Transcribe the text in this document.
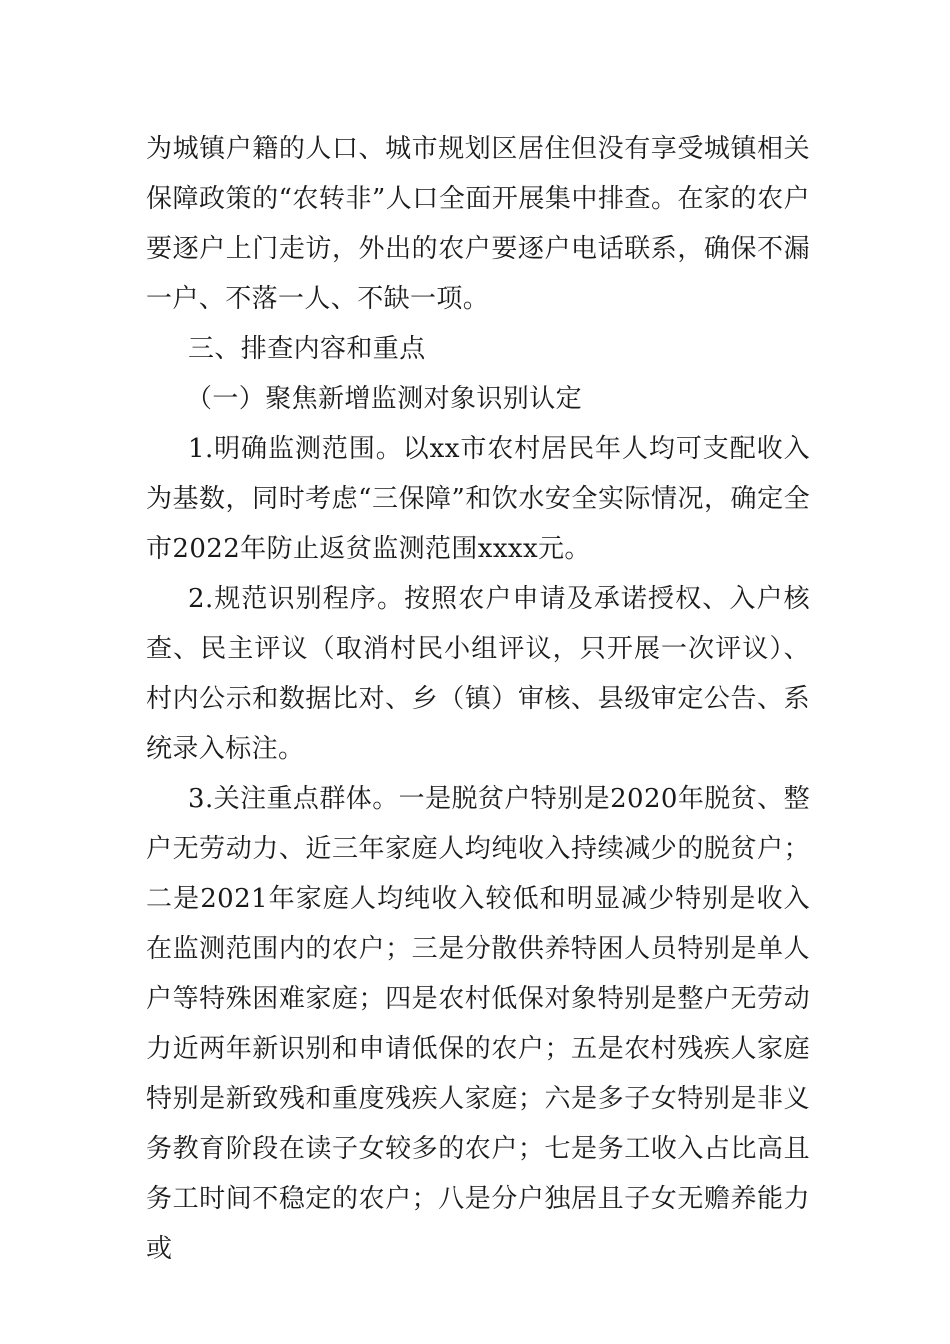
为城镇户籍的人口、城市规划区居住但没有享受城镇相关保障政策的“农转非”人口全面开展集中排查。在家的农户要逐户上门走访，外出的农户要逐户电话联系，确保不漏一户、不落一人、不缺一项。

三、排查内容和重点

（一）聚焦新增监测对象识别认定

1.明确监测范围。以xx市农村居民年人均可支配收入为基数，同时考虑“三保障”和饮水安全实际情况，确定全市2022年防止返贫监测范围xxxx元。

2.规范识别程序。按照农户申请及承诺授权、入户核查、民主评议（取消村民小组评议，只开展一次评议）、村内公示和数据比对、乡（镇）审核、县级审定公告、系统录入标注。

3.关注重点群体。一是脱贫户特别是2020年脱贫、整户无劳动力、近三年家庭人均纯收入持续减少的脱贫户；二是2021年家庭人均纯收入较低和明显减少特别是收入在监测范围内的农户；三是分散供养特困人员特别是单人户等特殊困难家庭；四是农村低保对象特别是整户无劳动力近两年新识别和申请低保的农户；五是农村残疾人家庭特别是新致残和重度残疾人家庭；六是多子女特别是非义务教育阶段在读子女较多的农户；七是务工收入占比高且务工时间不稳定的农户；八是分户独居且子女无赡养能力或
